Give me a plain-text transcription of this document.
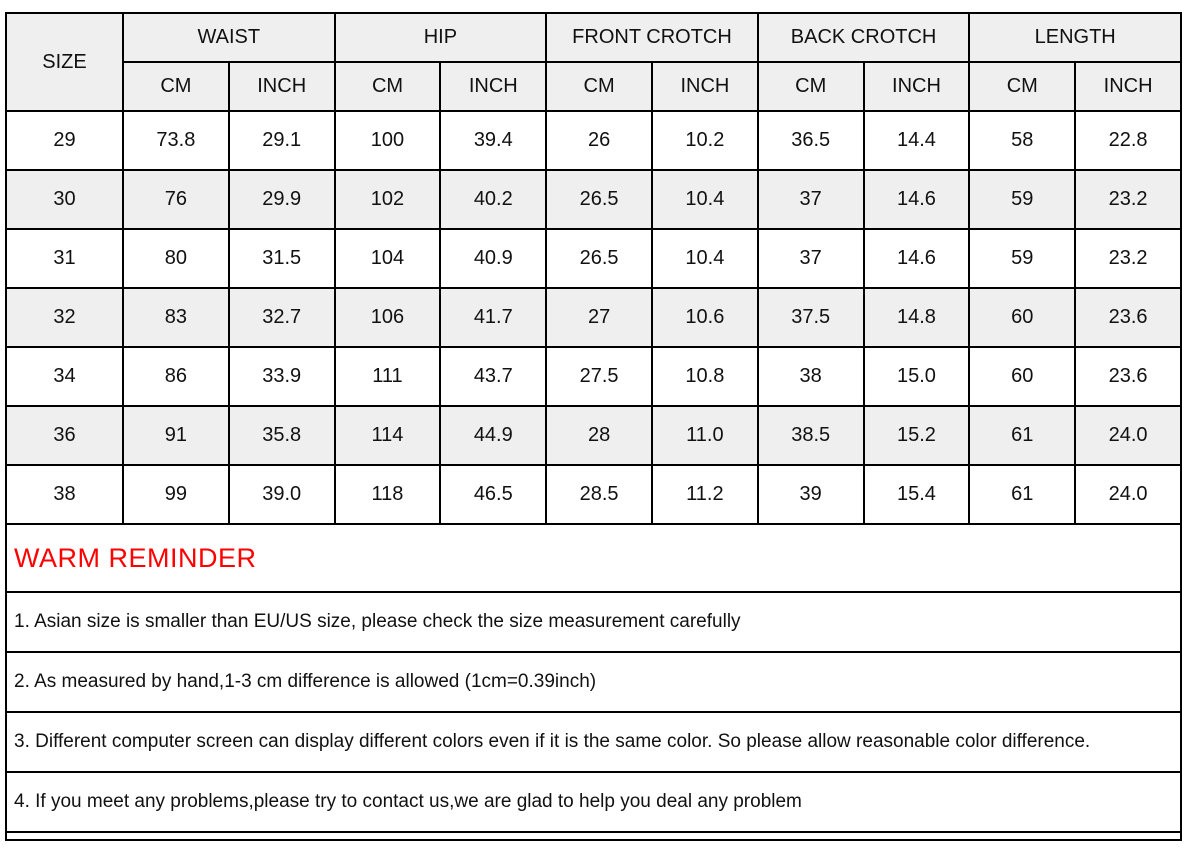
SIZE	WAIST		HIP		FRONT CROTCH		BACK CROTCH		LENGTH	
	CM	INCH	CM	INCH	CM	INCH	CM	INCH	CM	INCH
29	73.8	29.1	100	39.4	26	10.2	36.5	14.4	58	22.8
30	76	29.9	102	40.2	26.5	10.4	37	14.6	59	23.2
31	80	31.5	104	40.9	26.5	10.4	37	14.6	59	23.2
32	83	32.7	106	41.7	27	10.6	37.5	14.8	60	23.6
34	86	33.9	111	43.7	27.5	10.8	38	15.0	60	23.6
36	91	35.8	114	44.9	28	11.0	38.5	15.2	61	24.0
38	99	39.0	118	46.5	28.5	11.2	39	15.4	61	24.0
WARM REMINDER										
1. Asian size is smaller than EU/US size, please check the size measurement carefully										
2. As measured by hand,1-3 cm difference is allowed (1cm=0.39inch)										
3. Different computer screen can display different colors even if it is the same color. So please allow reasonable color difference.										
4. If you meet any problems,please try to contact us,we are glad to help you deal any problem										
